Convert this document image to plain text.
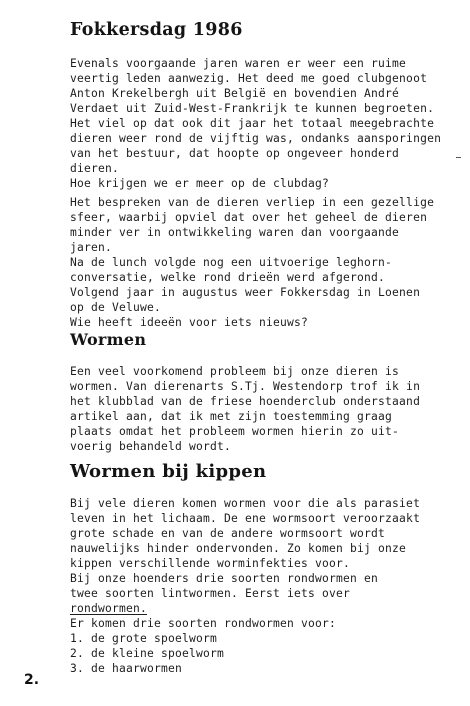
Fokkersdag 1986

Evenals voorgaande jaren waren er weer een ruime

veertig leden aanwezig. Het deed me goed clubgenoot

Anton Krekelbergh uit België en bovendien André

Verdaet uit Zuid-West-Frankrijk te kunnen begroeten.

Het viel op dat ook dit jaar het totaal meegebrachte

dieren weer rond de vijftig was, ondanks aansporingen

van het bestuur, dat hoopte op ongeveer honderd

dieren.

Hoe krijgen we er meer op de clubdag?

Het bespreken van de dieren verliep in een gezellige

sfeer, waarbij opviel dat over het geheel de dieren

minder ver in ontwikkeling waren dan voorgaande

jaren.

Na de lunch volgde nog een uitvoerige leghorn-

conversatie, welke rond drieën werd afgerond.

Volgend jaar in augustus weer Fokkersdag in Loenen

op de Veluwe.

Wie heeft ideeën voor iets nieuws?

Wormen

Een veel voorkomend probleem bij onze dieren is

wormen. Van dierenarts S.Tj. Westendorp trof ik in

het klubblad van de friese hoenderclub onderstaand

artikel aan, dat ik met zijn toestemming graag

plaats omdat het probleem wormen hierin zo uit-

voerig behandeld wordt.

Wormen bij kippen

Bij vele dieren komen wormen voor die als parasiet

leven in het lichaam. De ene wormsoort veroorzaakt

grote schade en van de andere wormsoort wordt

nauwelijks hinder ondervonden. Zo komen bij onze

kippen verschillende worminfekties voor.

Bij onze hoenders drie soorten rondwormen en

twee soorten lintwormen. Eerst iets over

rondwormen.

Er komen drie soorten rondwormen voor:

1. de grote spoelworm

2. de kleine spoelworm

3. de haarwormen

2.
